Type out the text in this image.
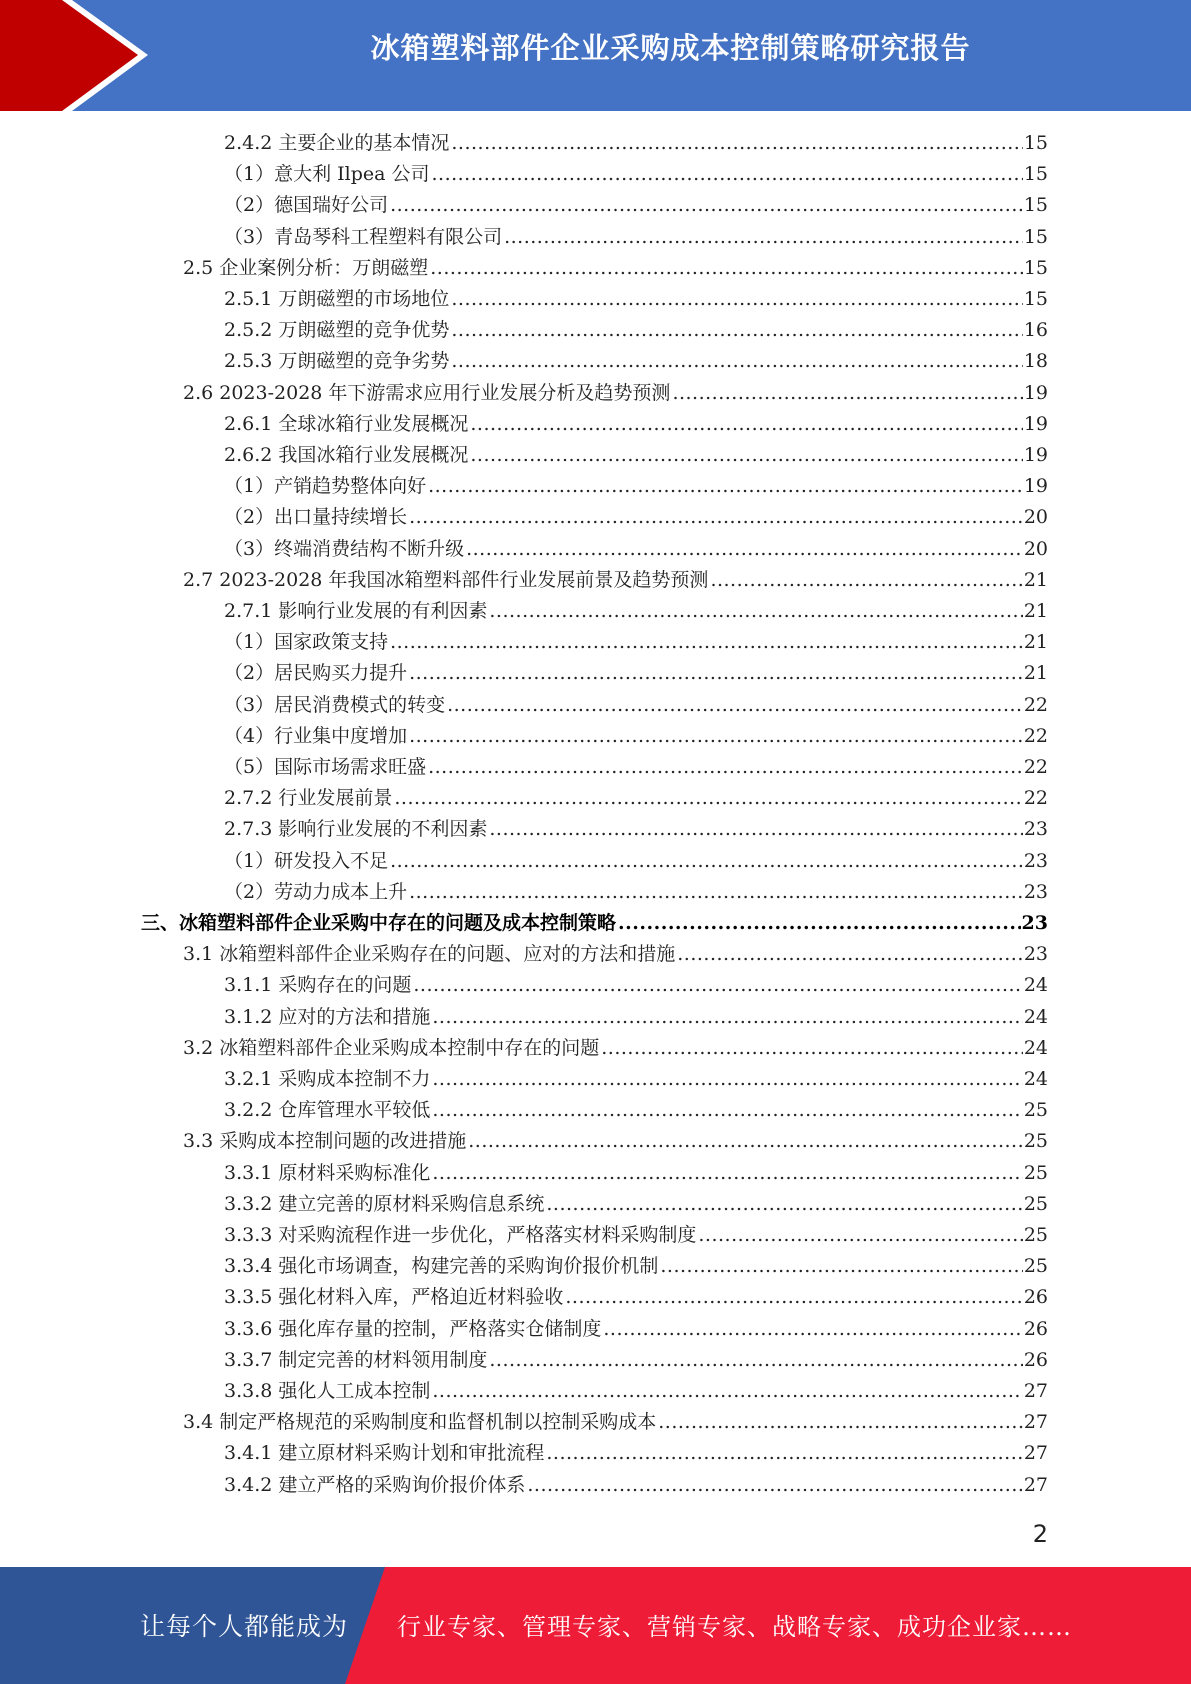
冰箱塑料部件企业采购成本控制策略研究报告
2.4.2 主要企业的基本情况 .....	15
（1）意大利 Ilpea 公司 .....	15
（2）德国瑞好公司 .....	15
（3）青岛琴科工程塑料有限公司 .....	15
2.5 企业案例分析：万朗磁塑 .....	15
2.5.1 万朗磁塑的市场地位 .....	15
2.5.2 万朗磁塑的竞争优势 .....	16
2.5.3 万朗磁塑的竞争劣势 .....	18
2.6 2023-2028 年下游需求应用行业发展分析及趋势预测 .....	19
2.6.1 全球冰箱行业发展概况 .....	19
2.6.2 我国冰箱行业发展概况 .....	19
（1）产销趋势整体向好 .....	19
（2）出口量持续增长 .....	20
（3）终端消费结构不断升级 .....	20
2.7 2023-2028 年我国冰箱塑料部件行业发展前景及趋势预测 .....	21
2.7.1 影响行业发展的有利因素 .....	21
（1）国家政策支持 .....	21
（2）居民购买力提升 .....	21
（3）居民消费模式的转变 .....	22
（4）行业集中度增加 .....	22
（5）国际市场需求旺盛 .....	22
2.7.2 行业发展前景 .....	22
2.7.3 影响行业发展的不利因素 .....	23
（1）研发投入不足 .....	23
（2）劳动力成本上升 .....	23
三、冰箱塑料部件企业采购中存在的问题及成本控制策略 .....	23
3.1 冰箱塑料部件企业采购存在的问题、应对的方法和措施 .....	23
3.1.1 采购存在的问题 .....	24
3.1.2 应对的方法和措施 .....	24
3.2 冰箱塑料部件企业采购成本控制中存在的问题 .....	24
3.2.1 采购成本控制不力 .....	24
3.2.2 仓库管理水平较低 .....	25
3.3 采购成本控制问题的改进措施 .....	25
3.3.1 原材料采购标准化 .....	25
3.3.2 建立完善的原材料采购信息系统 .....	25
3.3.3 对采购流程作进一步优化，严格落实材料采购制度 .....	25
3.3.4 强化市场调查，构建完善的采购询价报价机制 .....	25
3.3.5 强化材料入库，严格迫近材料验收 .....	26
3.3.6 强化库存量的控制，严格落实仓储制度 .....	26
3.3.7 制定完善的材料领用制度 .....	26
3.3.8 强化人工成本控制 .....	27
3.4 制定严格规范的采购制度和监督机制以控制采购成本 .....	27
3.4.1 建立原材料采购计划和审批流程 .....	27
3.4.2 建立严格的采购询价报价体系 .....	27
2
让每个人都能成为 行业专家、管理专家、营销专家、战略专家、成功企业家……
